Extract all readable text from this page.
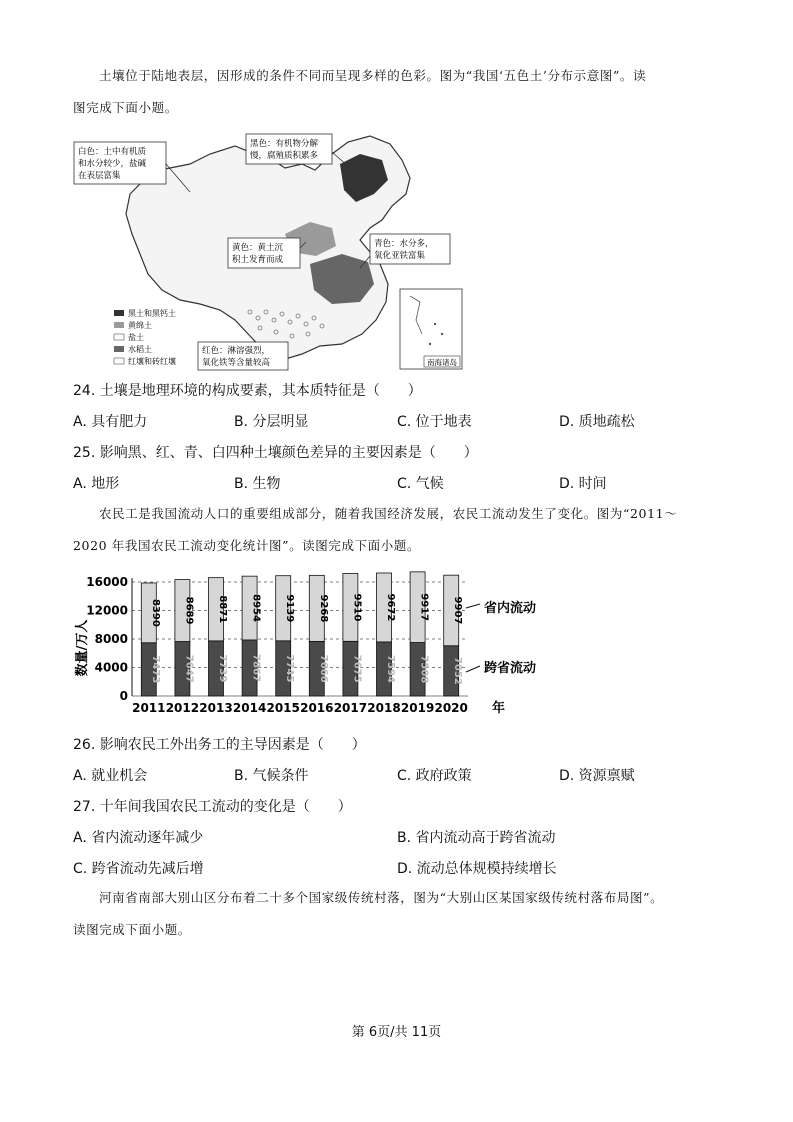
土壤位于陆地表层，因形成的条件不同而呈现多样的色彩。图为“我国‘五色土’分布示意图”。读
图完成下面小题。
白色：土中有机质
和水分较少，盐碱
在表层富集
黑色：有机物分解
慢，腐殖质积累多
黄色：黄土沉
积土发育而成
青色：水分多，
氧化亚铁富集
红色：淋溶强烈，
氧化铁等含量较高
黑土和黑钙土
黄绵土
盐土
水稻土
红壤和砖红壤	南海诸岛
24. 土壤是地理环境的构成要素，其本质特征是（　　）
A. 具有肥力	B. 分层明显	C. 位于地表	D. 质地疏松
25. 影响黑、红、青、白四种土壤颜色差异的主要因素是（　　）
A. 地形	B. 生物	C. 气候	D. 时间
农民工是我国流动人口的重要组成部分，随着我国经济发展，农民工流动发生了变化。图为“2011～
2020 年我国农民工流动变化统计图”。读图完成下面小题。
0
4000
8000
12000
16000
8390
7473
8689
7647
8871
7739
8954
7867
9139
7745
9268
7666
9510
7675
9672
7594
9917
7508
9907
7052
2011 2012 2013 2014 2015 2016 2017 2018 2019 2020
数量/万人
年
省内流动
跨省流动
26. 影响农民工外出务工的主导因素是（　　）
A. 就业机会	B. 气候条件	C. 政府政策	D. 资源禀赋
27. 十年间我国农民工流动的变化是（　　）
A. 省内流动逐年减少	B. 省内流动高于跨省流动
C. 跨省流动先减后增	D. 流动总体规模持续增长
河南省南部大别山区分布着二十多个国家级传统村落，图为“大别山区某国家级传统村落布局图”。
读图完成下面小题。
第 6页/共 11页
